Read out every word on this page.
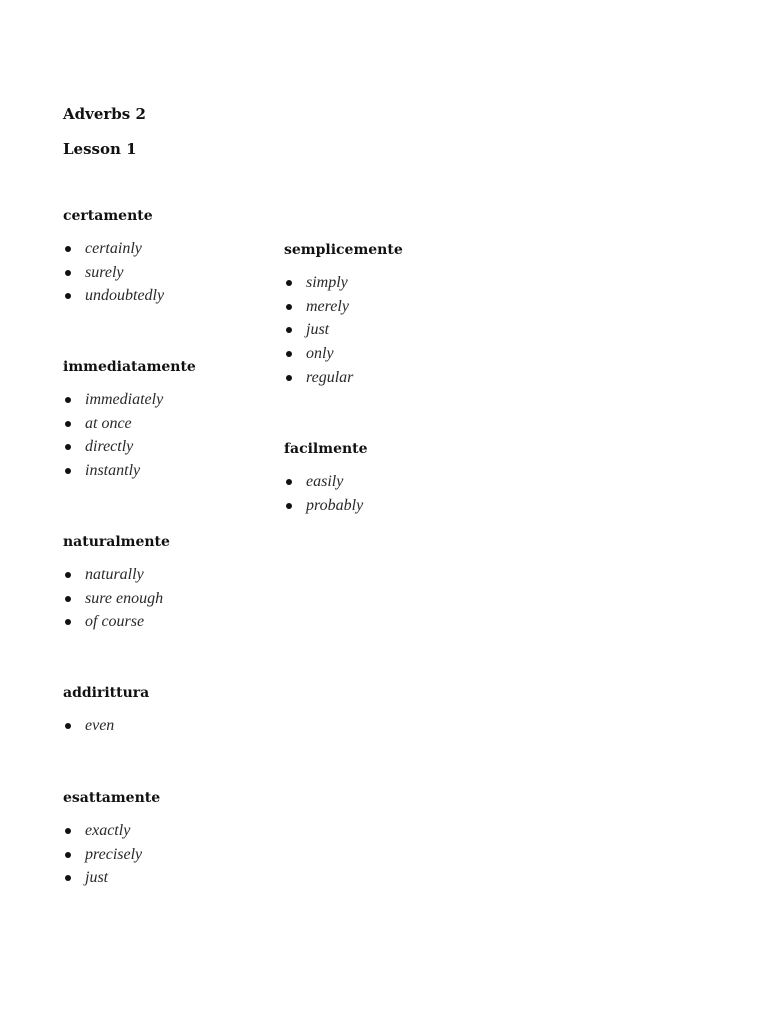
Adverbs 2
Lesson 1
certamente
certainly
surely
undoubtedly
immediatamente
immediately
at once
directly
instantly
naturalmente
naturally
sure enough
of course
addirittura
even
esattamente
exactly
precisely
just
semplicemente
simply
merely
just
only
regular
facilmente
easily
probably
